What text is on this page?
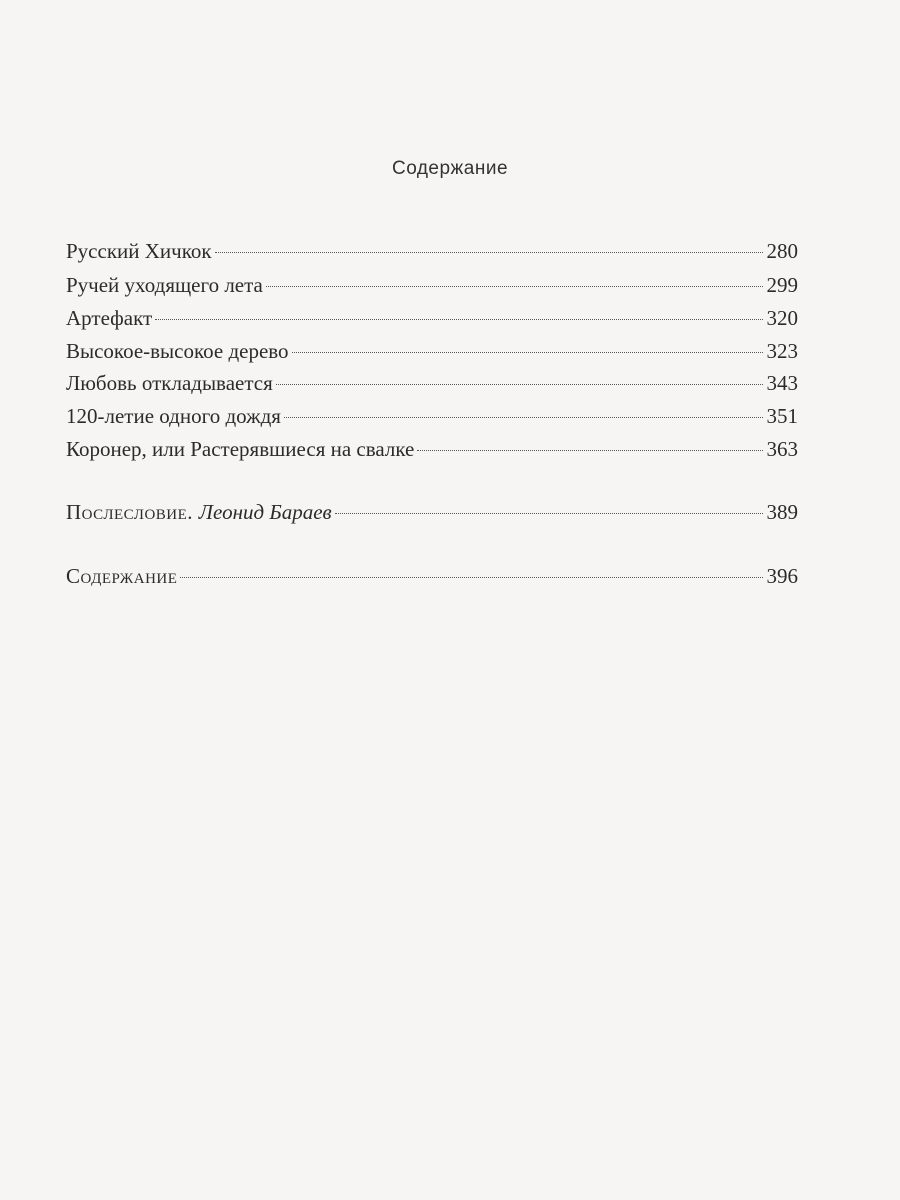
Содержание
Русский Хичкок	280
Ручей уходящего лета	299
Артефакт	320
Высокое-высокое дерево	323
Любовь откладывается	343
120-летие одного дождя	351
Коронер, или Растерявшиеся на свалке	363
Послесловие. Леонид Бараев	389
Содержание	396
